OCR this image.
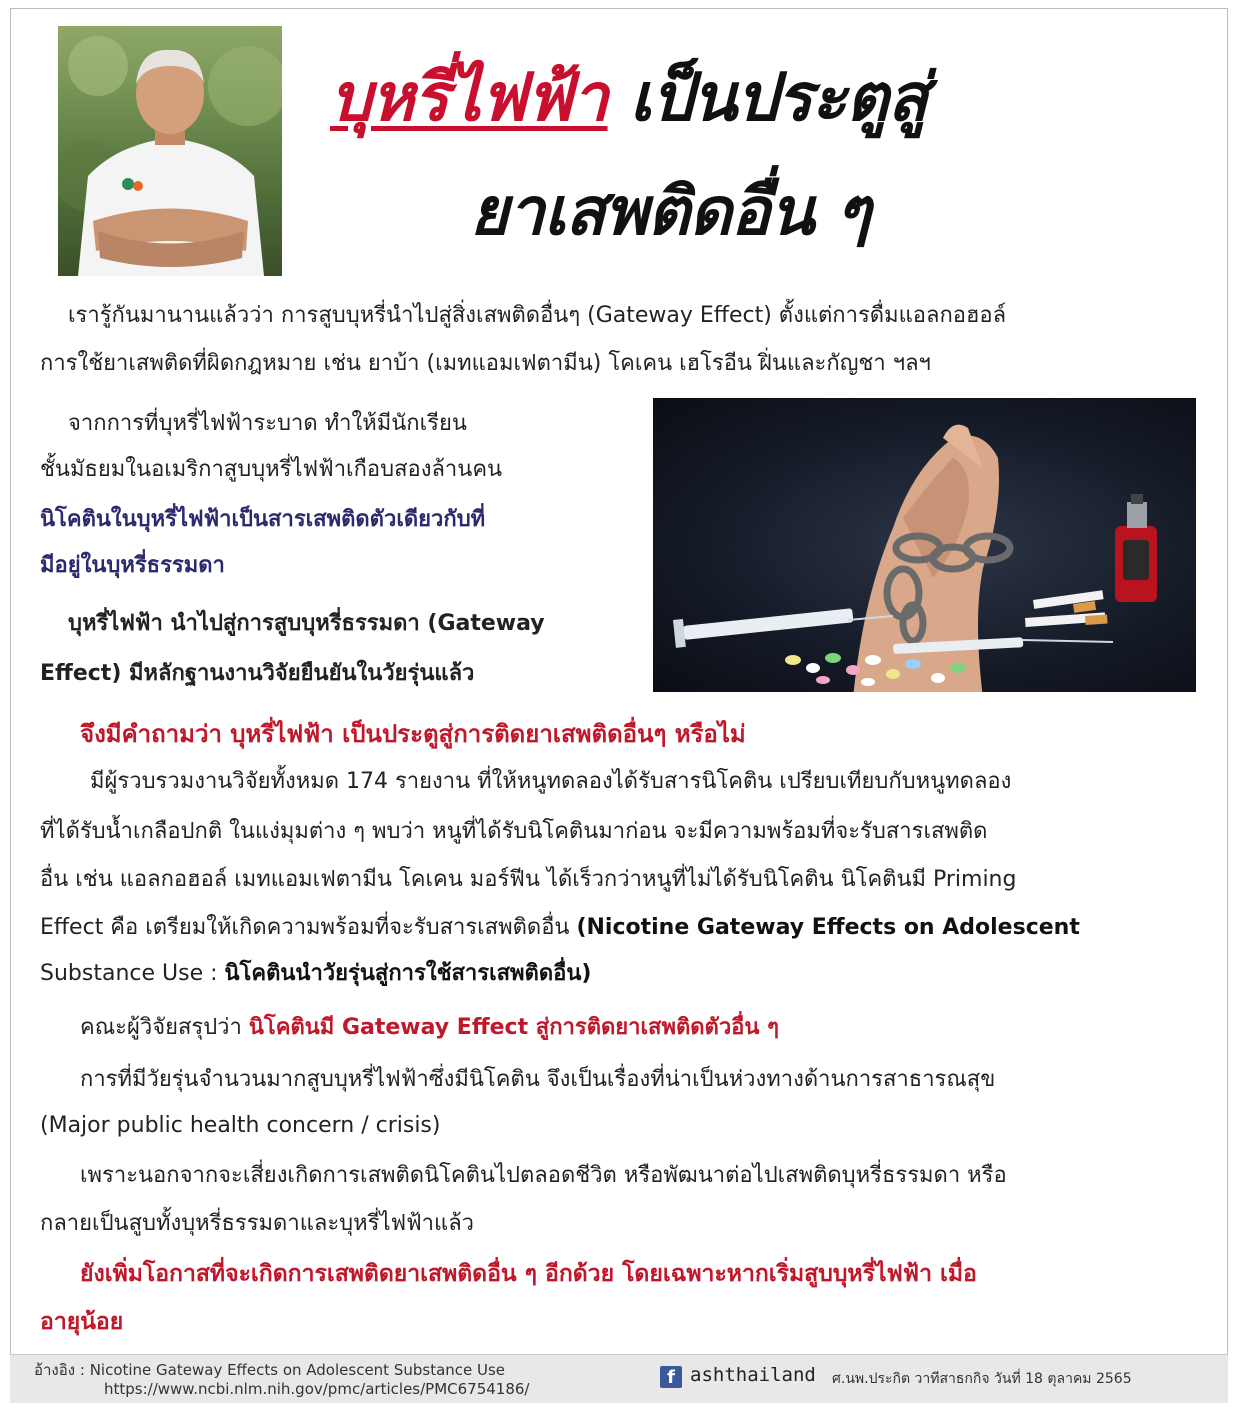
บุหรี่ไฟฟ้า เป็นประตูสู่
ยาเสพติดอื่น ๆ
เรารู้กันมานานแล้วว่า การสูบบุหรี่นำไปสู่สิ่งเสพติดอื่นๆ (Gateway Effect) ตั้งแต่การดื่มแอลกอฮอล์
การใช้ยาเสพติดที่ผิดกฎหมาย เช่น ยาบ้า (เมทแอมเฟตามีน) โคเคน เฮโรอีน ฝิ่นและกัญชา ฯลฯ
จากการที่บุหรี่ไฟฟ้าระบาด ทำให้มีนักเรียน
ชั้นมัธยมในอเมริกาสูบบุหรี่ไฟฟ้าเกือบสองล้านคน
นิโคตินในบุหรี่ไฟฟ้าเป็นสารเสพติดตัวเดียวกับที่
มีอยู่ในบุหรี่ธรรมดา
บุหรี่ไฟฟ้า นำไปสู่การสูบบุหรี่ธรรมดา (Gateway
Effect) มีหลักฐานงานวิจัยยืนยันในวัยรุ่นแล้ว
จึงมีคำถามว่า บุหรี่ไฟฟ้า เป็นประตูสู่การติดยาเสพติดอื่นๆ หรือไม่
มีผู้รวบรวมงานวิจัยทั้งหมด 174 รายงาน ที่ให้หนูทดลองได้รับสารนิโคติน เปรียบเทียบกับหนูทดลอง
ที่ได้รับน้ำเกลือปกติ ในแง่มุมต่าง ๆ พบว่า หนูที่ได้รับนิโคตินมาก่อน จะมีความพร้อมที่จะรับสารเสพติด
อื่น เช่น แอลกอฮอล์ เมทแอมเฟตามีน โคเคน มอร์ฟีน ได้เร็วกว่าหนูที่ไม่ได้รับนิโคติน นิโคตินมี Priming
Effect คือ เตรียมให้เกิดความพร้อมที่จะรับสารเสพติดอื่น (Nicotine Gateway Effects on Adolescent
Substance Use : นิโคตินนำวัยรุ่นสู่การใช้สารเสพติดอื่น)
คณะผู้วิจัยสรุปว่า นิโคตินมี Gateway Effect สู่การติดยาเสพติดตัวอื่น ๆ
การที่มีวัยรุ่นจำนวนมากสูบบุหรี่ไฟฟ้าซึ่งมีนิโคติน จึงเป็นเรื่องที่น่าเป็นห่วงทางด้านการสาธารณสุข
(Major public health concern / crisis)
เพราะนอกจากจะเสี่ยงเกิดการเสพติดนิโคตินไปตลอดชีวิต หรือพัฒนาต่อไปเสพติดบุหรี่ธรรมดา หรือ
กลายเป็นสูบทั้งบุหรี่ธรรมดาและบุหรี่ไฟฟ้าแล้ว
ยังเพิ่มโอกาสที่จะเกิดการเสพติดยาเสพติดอื่น ๆ อีกด้วย โดยเฉพาะหากเริ่มสูบบุหรี่ไฟฟ้า เมื่อ
อายุน้อย
อ้างอิง : Nicotine Gateway Effects on Adolescent Substance Use
https://www.ncbi.nlm.nih.gov/pmc/articles/PMC6754186/
f ashthailand ศ.นพ.ประกิต วาทีสาธกกิจ วันที่ 18 ตุลาคม 2565
